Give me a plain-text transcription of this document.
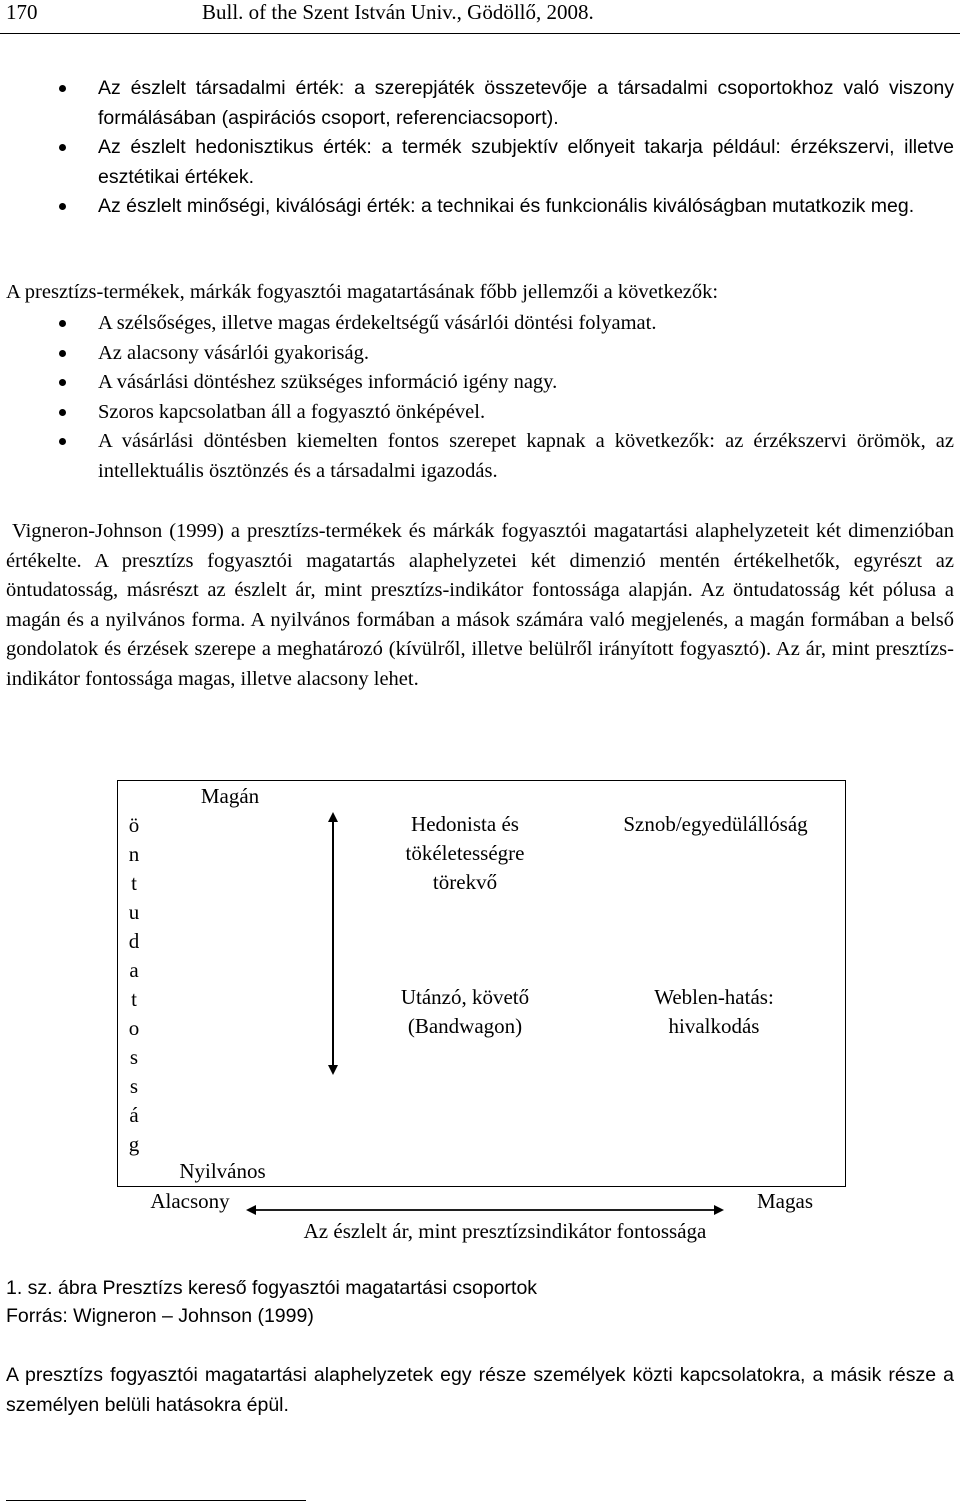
170	Bull. of the Szent István Univ., Gödöllő, 2008.
Az észlelt társadalmi érték: a szerepjáték összetevője a társadalmi csoportokhoz való viszony formálásában (aspirációs csoport, referenciacsoport).
Az észlelt hedonisztikus érték: a termék szubjektív előnyeit takarja például: érzékszervi, illetve esztétikai értékek.
Az észlelt minőségi, kiválósági érték: a technikai és funkcionális kiválóságban mutatkozik meg.
A presztízs-termékek, márkák fogyasztói magatartásának főbb jellemzői a következők:
A szélsőséges, illetve magas érdekeltségű vásárlói döntési folyamat.
Az alacsony vásárlói gyakoriság.
A vásárlási döntéshez szükséges információ igény nagy.
Szoros kapcsolatban áll a fogyasztó önképével.
A vásárlási döntésben kiemelten fontos szerepet kapnak a következők: az érzékszervi örömök, az intellektuális ösztönzés és a társadalmi igazodás.
Vigneron-Johnson (1999) a presztízs-termékek és márkák fogyasztói magatartási alaphelyzeteit két dimenzióban értékelte. A presztízs fogyasztói magatartás alaphelyzetei két dimenzió mentén értékelhetők, egyrészt az öntudatosság, másrészt az észlelt ár, mint presztízs-indikátor fontossága alapján. Az öntudatosság két pólusa a magán és a nyilvános forma. A nyilvános formában a mások számára való megjelenés, a magán formában a belső gondolatok és érzések szerepe a meghatározó (kívülről, illetve belülről irányított fogyasztó). Az ár, mint presztízs-indikátor fontossága magas, illetve alacsony lehet.
ö
n
t
u
d
a
t
o
s
s
á
g
Magán
Nyilvános
Hedonista és
tökéletességre
törekvő
Sznob/egyedülállóság
Utánzó, követő
(Bandwagon)
Weblen-hatás:
hivalkodás
Alacsony	Magas
Az észlelt ár, mint presztízsindikátor fontossága
1. sz. ábra Presztízs kereső fogyasztói magatartási csoportok
Forrás: Wigneron – Johnson (1999)
A presztízs fogyasztói magatartási alaphelyzetek egy része személyek közti kapcsolatokra, a másik része a személyen belüli hatásokra épül.
